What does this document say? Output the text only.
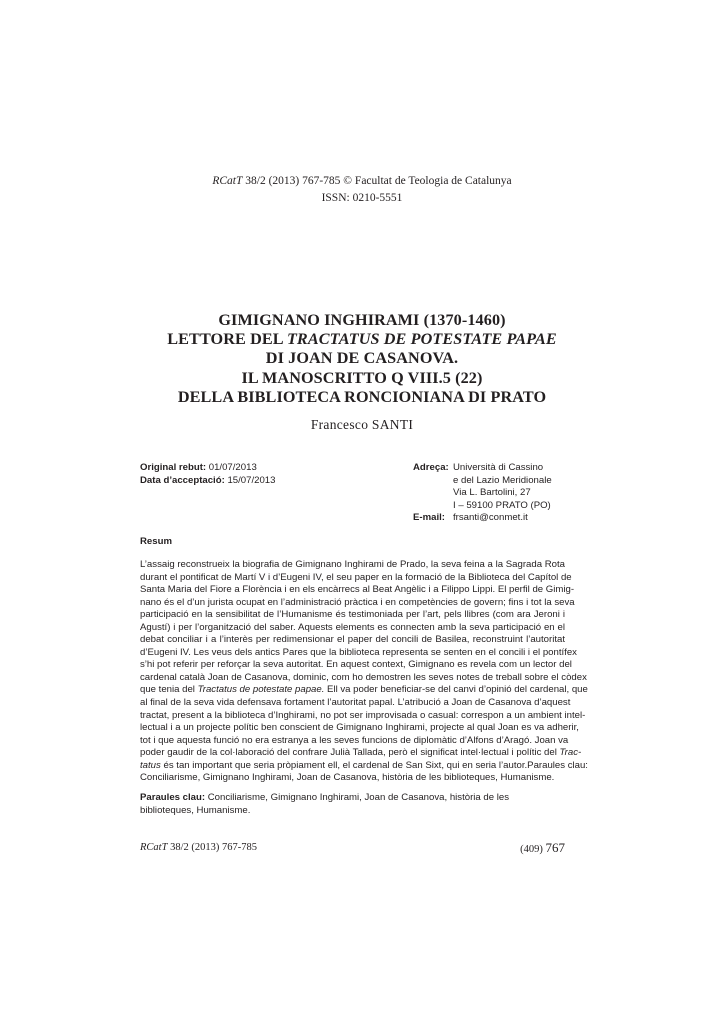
RCatT 38/2 (2013) 767-785 © Facultat de Teologia de Catalunya
ISSN: 0210-5551
GIMIGNANO INGHIRAMI (1370-1460)
LETTORE DEL TRACTATUS DE POTESTATE PAPAE
DI JOAN DE CASANOVA.
IL MANOSCRITTO Q VIII.5 (22)
DELLA BIBLIOTECA RONCIONIANA DI PRATO
Francesco SANTI
Original rebut: 01/07/2013
Data d’acceptació: 15/07/2013
Adreça: Università di Cassino
e del Lazio Meridionale
Via L. Bartolini, 27
I – 59100 PRATO (PO)
E-mail: frsanti@conmet.it
Resum
L’assaig reconstrueix la biografia de Gimignano Inghirami de Prado, la seva feina a la Sagrada Rota
durant el pontificat de Martí V i d’Eugeni IV, el seu paper en la formació de la Biblioteca del Capítol de
Santa Maria del Fiore a Florència i en els encàrrecs al Beat Angèlic i a Filippo Lippi. El perfil de Gimig-
nano és el d’un jurista ocupat en l’administració pràctica i en competències de govern; fins i tot la seva
participació en la sensibilitat de l’Humanisme és testimoniada per l’art, pels llibres (com ara Jeroni i
Agustí) i per l’organització del saber. Aquests elements es connecten amb la seva participació en el
debat conciliar i a l’interès per redimensionar el paper del concili de Basilea, reconstruint l’autoritat
d’Eugeni IV. Les veus dels antics Pares que la biblioteca representa se senten en el concili i el pontífex
s’hi pot referir per reforçar la seva autoritat. En aquest context, Gimignano es revela com un lector del
cardenal català Joan de Casanova, dominic, com ho demostren les seves notes de treball sobre el còdex
que tenia del Tractatus de potestate papae. Ell va poder beneficiar-se del canvi d’opinió del cardenal, que
al final de la seva vida defensava fortament l’autoritat papal. L’atribució a Joan de Casanova d’aquest
tractat, present a la biblioteca d’Inghirami, no pot ser improvisada o casual: correspon a un ambient intel-
lectual i a un projecte polític ben conscient de Gimignano Inghirami, projecte al qual Joan es va adherir,
tot i que aquesta funció no era estranya a les seves funcions de diplomàtic d’Alfons d’Aragó. Joan va
poder gaudir de la col·laboració del confrare Julià Tallada, però el significat intel·lectual i polític del Trac-
tatus és tan important que seria pròpiament ell, el cardenal de San Sixt, qui en seria l’autor.Paraules clau:
Conciliarisme, Gimignano Inghirami, Joan de Casanova, història de les biblioteques, Humanisme.
Paraules clau: Conciliarisme, Gimignano Inghirami, Joan de Casanova, història de les biblioteques, Humanisme.
RCatT 38/2 (2013) 767-785	(409) 767
